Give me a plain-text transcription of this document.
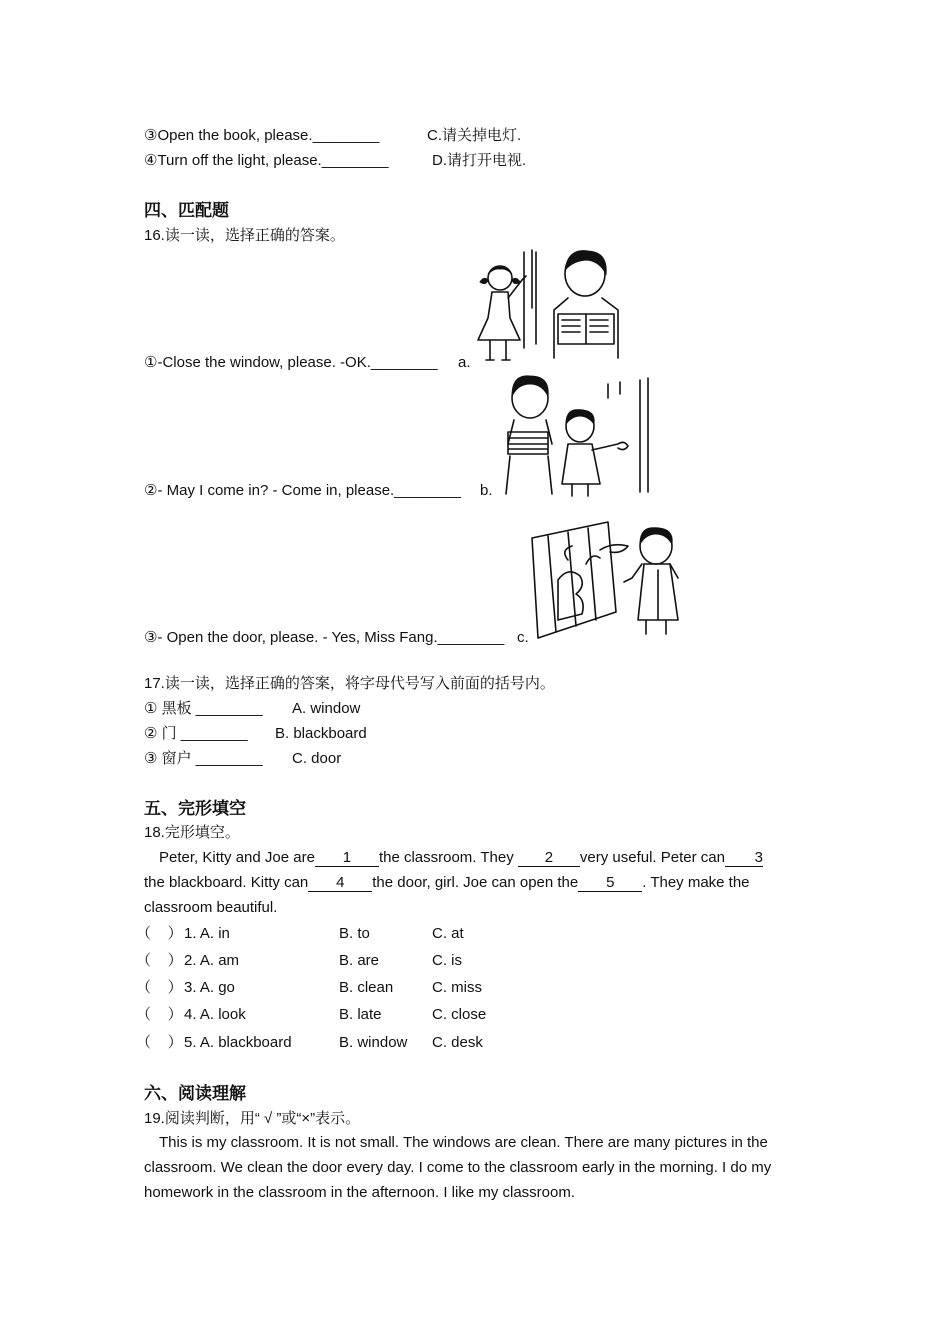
③Open the book, please.________	C.请关掉电灯.
④Turn off the light, please.________	D.请打开电视.
四、匹配题
16.读一读，选择正确的答案。
①-Close the window, please. -OK.________ a.
②- May I come in? - Come in, please.________ b.
③- Open the door, please. - Yes, Miss Fang.________ c.
17.读一读，选择正确的答案，将字母代号写入前面的括号内。
① 黑板 ________ A. window
② 门 ________ B. blackboard
③ 窗户 ________ C. door
五、完形填空
18.完形填空。
Peter, Kitty and Joe are 1 the classroom. They 2 very useful. Peter can 3
the blackboard. Kitty can 4 the door, girl. Joe can open the 5 . They make the
classroom beautiful.
（    ） 1. A. in	B. to	C. at
（    ） 2. A. am	B. are	C. is
（    ） 3. A. go	B. clean	C. miss
（    ） 4. A. look	B. late	C. close
（    ） 5. A. blackboard	B. window C. desk
六、阅读理解
19.阅读判断，用“ √ ”或“×”表示。
This is my classroom. It is not small. The windows are clean. There are many pictures in the
classroom. We clean the door every day. I come to the classroom early in the morning. I do my
homework in the classroom in the afternoon. I like my classroom.
